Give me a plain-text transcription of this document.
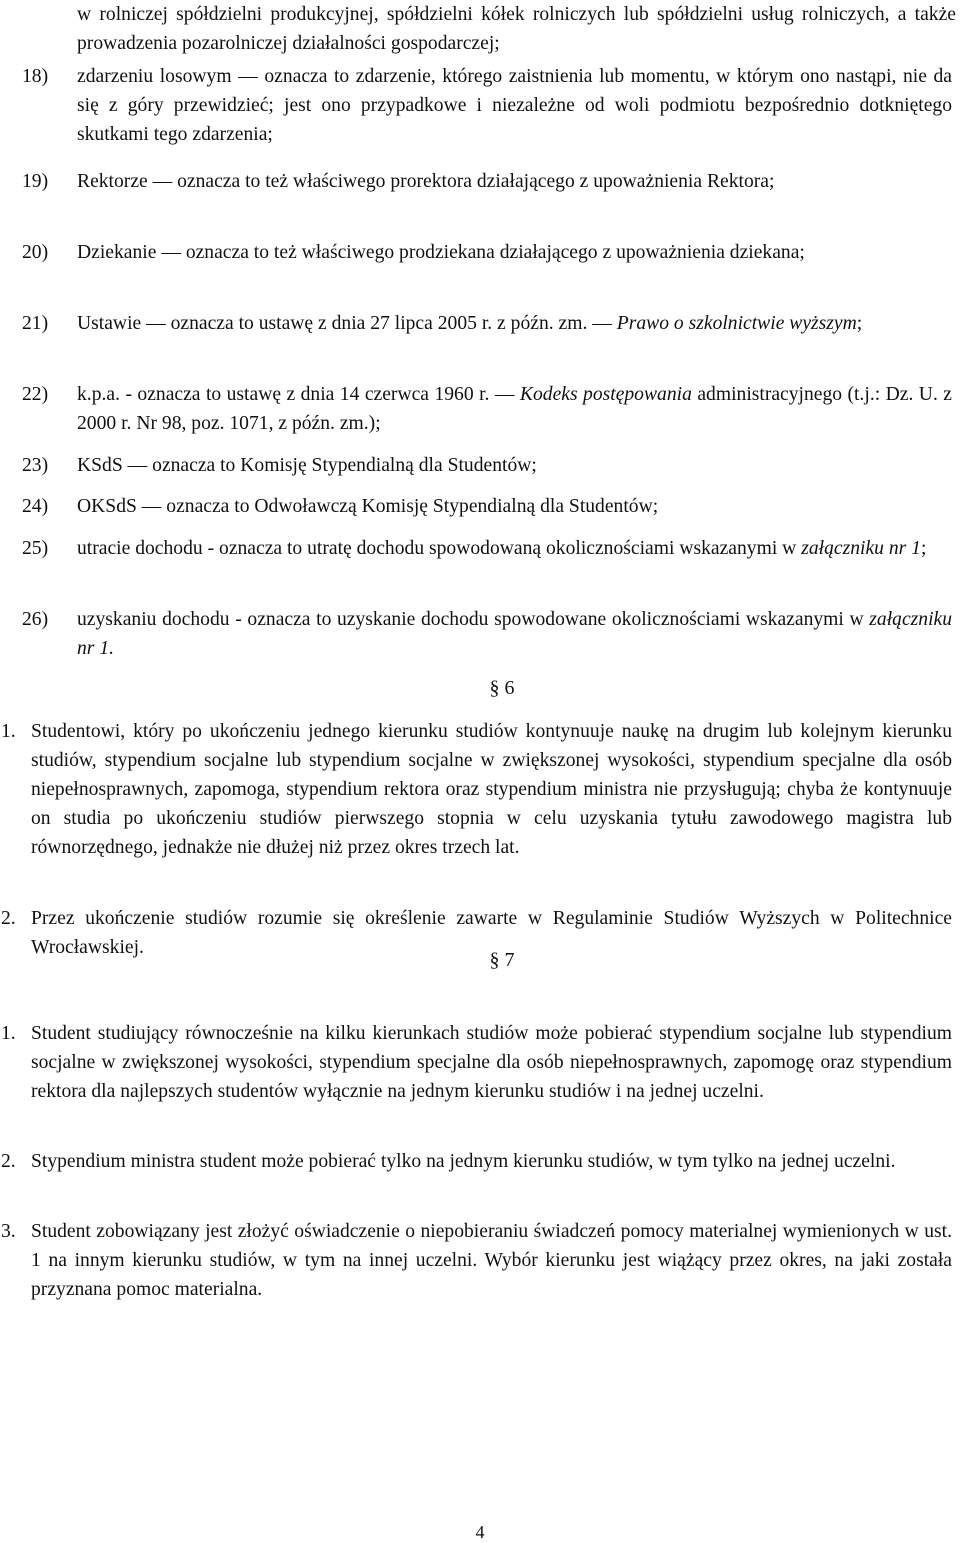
w rolniczej spółdzielni produkcyjnej, spółdzielni kółek rolniczych lub spółdzielni usług rolniczych, a także prowadzenia pozarolniczej działalności gospodarczej;
18) zdarzeniu losowym — oznacza to zdarzenie, którego zaistnienia lub momentu, w którym ono nastąpi, nie da się z góry przewidzieć; jest ono przypadkowe i niezależne od woli podmiotu bezpośrednio dotkniętego skutkami tego zdarzenia;
19) Rektorze — oznacza to też właściwego prorektora działającego z upoważnienia Rektora;
20) Dziekanie — oznacza to też właściwego prodziekana działającego z upoważnienia dziekana;
21) Ustawie — oznacza to ustawę z dnia 27 lipca 2005 r. z późn. zm. — Prawo o szkolnictwie wyższym;
22) k.p.a. - oznacza to ustawę z dnia 14 czerwca 1960 r. — Kodeks postępowania administracyjnego (t.j.: Dz. U. z 2000 r. Nr 98, poz. 1071, z późn. zm.);
23) KSdS — oznacza to Komisję Stypendialną dla Studentów;
24) OKSdS — oznacza to Odwoławczą Komisję Stypendialną dla Studentów;
25) utracie dochodu - oznacza to utratę dochodu spowodowaną okolicznościami wskazanymi w załączniku nr 1;
26) uzyskaniu dochodu - oznacza to uzyskanie dochodu spowodowane okolicznościami wskazanymi w załączniku nr 1.
§ 6
1. Studentowi, który po ukończeniu jednego kierunku studiów kontynuuje naukę na drugim lub kolejnym kierunku studiów, stypendium socjalne lub stypendium socjalne w zwiększonej wysokości, stypendium specjalne dla osób niepełnosprawnych, zapomoga, stypendium rektora oraz stypendium ministra nie przysługują; chyba że kontynuuje on studia po ukończeniu studiów pierwszego stopnia w celu uzyskania tytułu zawodowego magistra lub równorzędnego, jednakże nie dłużej niż przez okres trzech lat.
2. Przez ukończenie studiów rozumie się określenie zawarte w Regulaminie Studiów Wyższych w Politechnice Wrocławskiej.
§ 7
1. Student studiujący równocześnie na kilku kierunkach studiów może pobierać stypendium socjalne lub stypendium socjalne w zwiększonej wysokości, stypendium specjalne dla osób niepełnosprawnych, zapomogę oraz stypendium rektora dla najlepszych studentów wyłącznie na jednym kierunku studiów i na jednej uczelni.
2. Stypendium ministra student może pobierać tylko na jednym kierunku studiów, w tym tylko na jednej uczelni.
3. Student zobowiązany jest złożyć oświadczenie o niepobieraniu świadczeń pomocy materialnej wymienionych w ust. 1 na innym kierunku studiów, w tym na innej uczelni. Wybór kierunku jest wiążący przez okres, na jaki została przyznana pomoc materialna.
4
